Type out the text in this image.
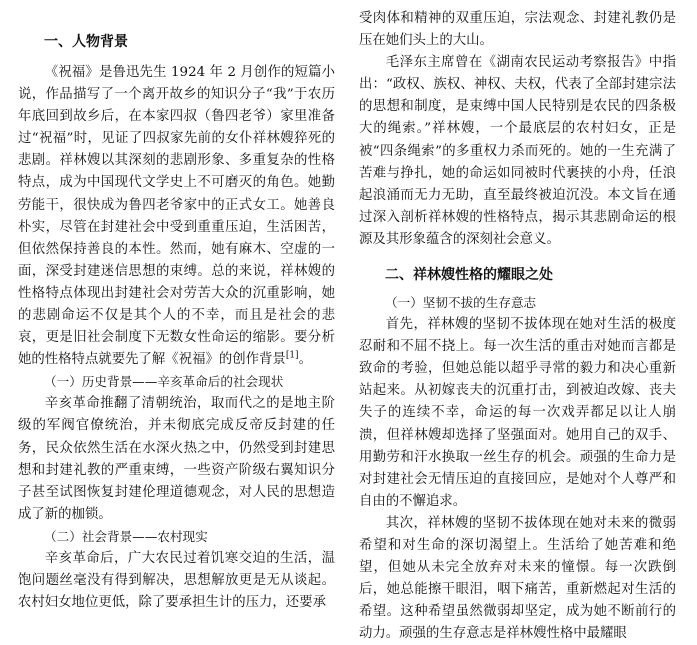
一、人物背景

《祝福》是鲁迅先生 1924 年 2 月创作的短篇小说，作品描写了一个离开故乡的知识分子“我”于农历年底回到故乡后，在本家四叔（鲁四老爷）家里准备过“祝福”时，见证了四叔家先前的女仆祥林嫂猝死的悲剧。祥林嫂以其深刻的悲剧形象、多重复杂的性格特点，成为中国现代文学史上不可磨灭的角色。她勤劳能干，很快成为鲁四老爷家中的正式女工。她善良朴实，尽管在封建社会中受到重重压迫，生活困苦，但依然保持善良的本性。然而，她有麻木、空虚的一面，深受封建迷信思想的束缚。总的来说，祥林嫂的性格特点体现出封建社会对劳苦大众的沉重影响，她的悲剧命运不仅是其个人的不幸，而且是社会的悲哀，更是旧社会制度下无数女性命运的缩影。要分析她的性格特点就要先了解《祝福》的创作背景[1]。

（一）历史背景——辛亥革命后的社会现状

辛亥革命推翻了清朝统治，取而代之的是地主阶级的军阀官僚统治，并未彻底完成反帝反封建的任务，民众依然生活在水深火热之中，仍然受到封建思想和封建礼教的严重束缚，一些资产阶级右翼知识分子甚至试图恢复封建伦理道德观念，对人民的思想造成了新的枷锁。

（二）社会背景——农村现实

辛亥革命后，广大农民过着饥寒交迫的生活，温饱问题丝毫没有得到解决，思想解放更是无从谈起。农村妇女地位更低，除了要承担生计的压力，还要承

受肉体和精神的双重压迫，宗法观念、封建礼教仍是压在她们头上的大山。

毛泽东主席曾在《湖南农民运动考察报告》中指出：“政权、族权、神权、夫权，代表了全部封建宗法的思想和制度，是束缚中国人民特别是农民的四条极大的绳索。”祥林嫂，一个最底层的农村妇女，正是被“四条绳索”的多重权力杀而死的。她的一生充满了苦难与挣扎，她的命运如同被时代裹挟的小舟，任浪起浪涌而无力无助，直至最终被迫沉没。本文旨在通过深入剖析祥林嫂的性格特点，揭示其悲剧命运的根源及其形象蕴含的深刻社会意义。

二、祥林嫂性格的耀眼之处
（一）坚韧不拔的生存意志

首先，祥林嫂的坚韧不拔体现在她对生活的极度忍耐和不屈不挠上。每一次生活的重击对她而言都是致命的考验，但她总能以超乎寻常的毅力和决心重新站起来。从初嫁丧夫的沉重打击，到被迫改嫁、丧夫失子的连续不幸，命运的每一次戏弄都足以让人崩溃，但祥林嫂却选择了坚强面对。她用自己的双手、用勤劳和汗水换取一丝生存的机会。顽强的生命力是对封建社会无情压迫的直接回应，是她对个人尊严和自由的不懈追求。

其次，祥林嫂的坚韧不拔体现在她对未来的微弱希望和对生命的深切渴望上。生活给了她苦难和绝望，但她从未完全放弃对未来的憧憬。每一次跌倒后，她总能擦干眼泪，咽下痛苦，重新燃起对生活的希望。这种希望虽然微弱却坚定，成为她不断前行的动力。顽强的生存意志是祥林嫂性格中最耀眼
